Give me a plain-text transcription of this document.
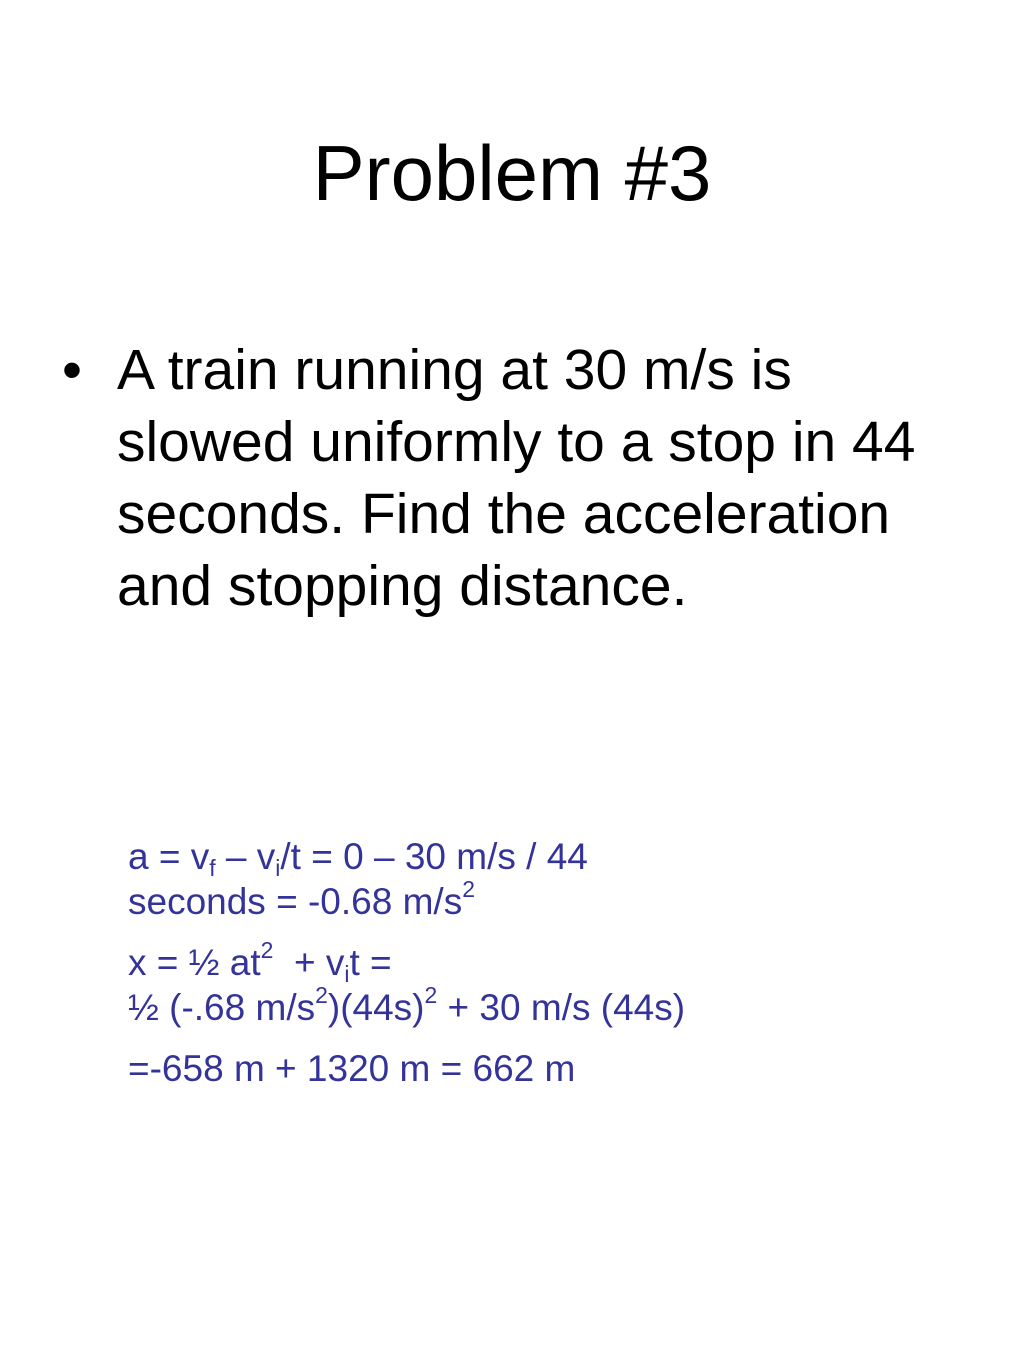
Problem #3
• A train running at 30 m/s is slowed uniformly to a stop in 44 seconds. Find the acceleration and stopping distance.

$a = v_f - v_i/t = 0 - 30$ m/s / 44
seconds = -0.68 $m/s^2$

x = ½ $at^2 + v_it$ =
½ (-.68 $m/s^2)(44s)^2 + 30$ m/s (44s)

=-658 m + 1320 m = 662 m
